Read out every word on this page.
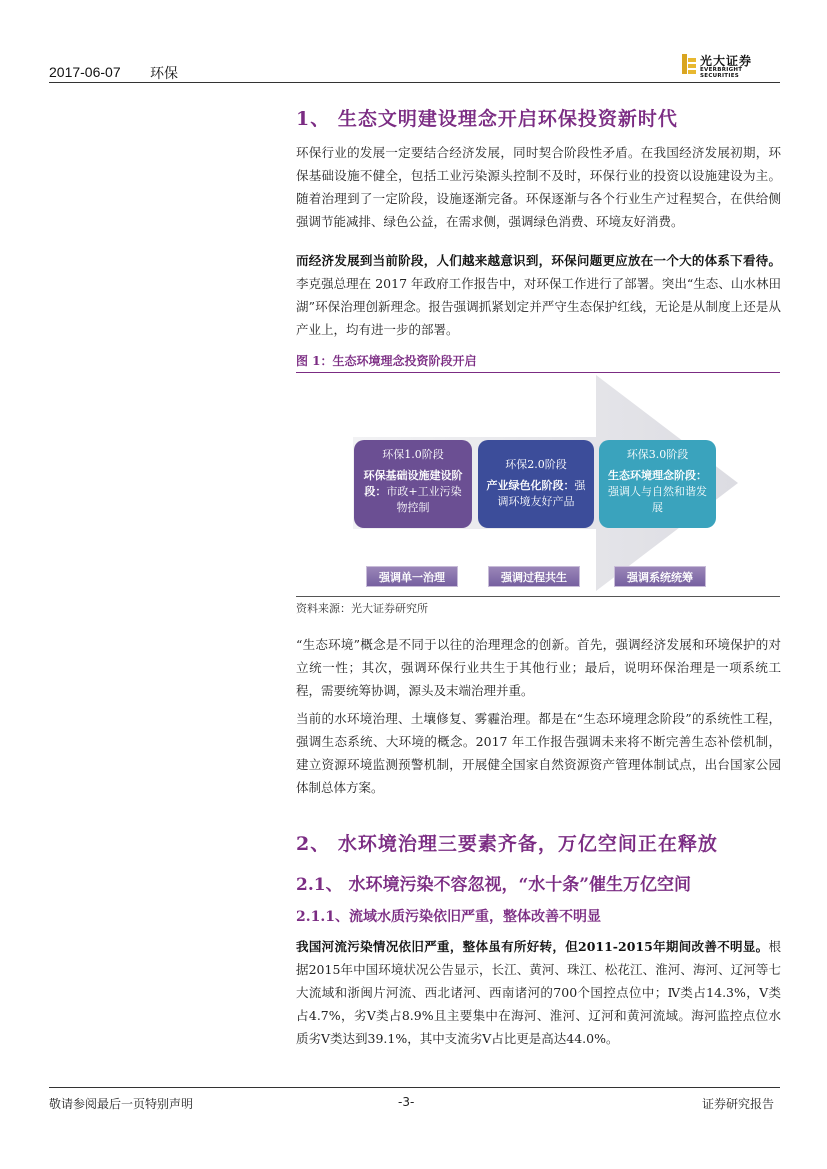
2017-06-07 环保
光大证券
EVERBRIGHT SECURITIES
1、 生态文明建设理念开启环保投资新时代
环保行业的发展一定要结合经济发展，同时契合阶段性矛盾。在我国经济发展初期，环保基础设施不健全，包括工业污染源头控制不及时，环保行业的投资以设施建设为主。随着治理到了一定阶段，设施逐渐完备。环保逐渐与各个行业生产过程契合，在供给侧强调节能减排、绿色公益，在需求侧，强调绿色消费、环境友好消费。
而经济发展到当前阶段，人们越来越意识到，环保问题更应放在一个大的体系下看待。李克强总理在 2017 年政府工作报告中，对环保工作进行了部署。突出“生态、山水林田湖”环保治理创新理念。报告强调抓紧划定并严守生态保护红线，无论是从制度上还是从产业上，均有进一步的部署。
图 1：生态环境理念投资阶段开启
环保1.0阶段
环保基础设施建设阶段：市政+工业污染物控制
环保2.0阶段
产业绿色化阶段：强调环境友好产品
环保3.0阶段
生态环境理念阶段：强调人与自然和谐发展
强调单一治理	强调过程共生	强调系统统筹
资料来源：光大证券研究所
“生态环境”概念是不同于以往的治理理念的创新。首先，强调经济发展和环境保护的对立统一性；其次，强调环保行业共生于其他行业；最后，说明环保治理是一项系统工程，需要统筹协调，源头及末端治理并重。
当前的水环境治理、土壤修复、雾霾治理。都是在“生态环境理念阶段”的系统性工程，强调生态系统、大环境的概念。2017 年工作报告强调未来将不断完善生态补偿机制，建立资源环境监测预警机制，开展健全国家自然资源资产管理体制试点，出台国家公园体制总体方案。
2、 水环境治理三要素齐备，万亿空间正在释放
2.1、 水环境污染不容忽视，“水十条”催生万亿空间
2.1.1、流域水质污染依旧严重，整体改善不明显
我国河流污染情况依旧严重，整体虽有所好转，但2011-2015年期间改善不明显。根据2015年中国环境状况公告显示，长江、黄河、珠江、松花江、淮河、海河、辽河等七大流域和浙闽片河流、西北诸河、西南诸河的700个国控点位中；Ⅳ类占14.3%，Ⅴ类占4.7%，劣Ⅴ类占8.9%且主要集中在海河、淮河、辽河和黄河流域。海河监控点位水质劣Ⅴ类达到39.1%，其中支流劣Ⅴ占比更是高达44.0%。
敬请参阅最后一页特别声明	-3-	证券研究报告
